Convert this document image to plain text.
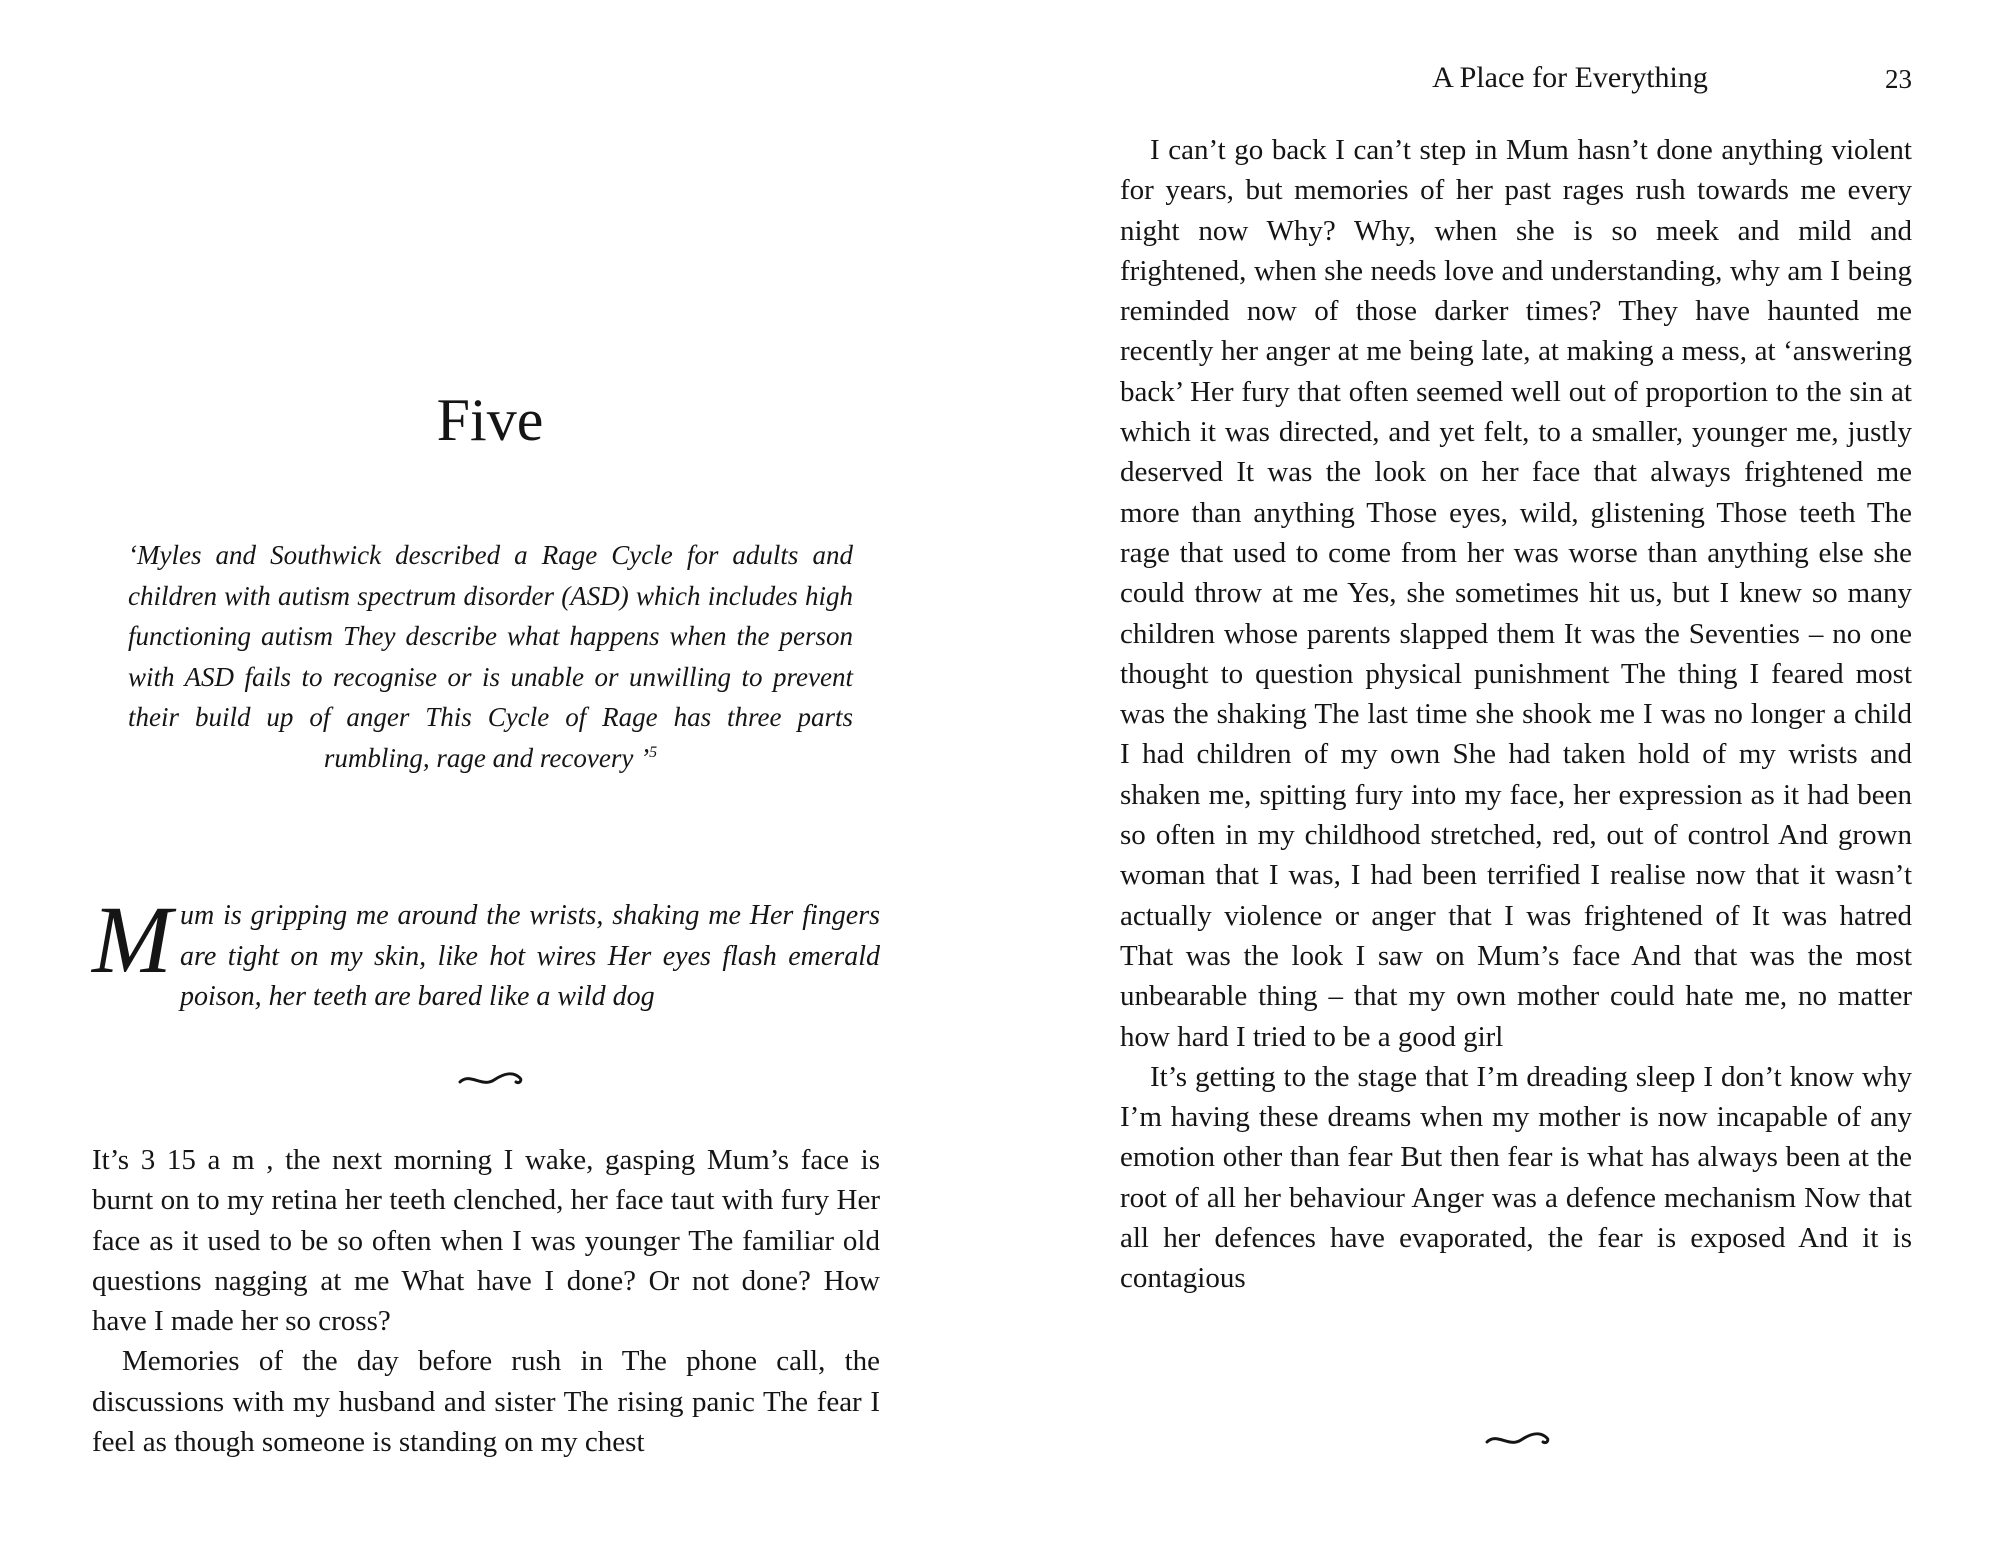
Five
‘Myles and Southwick described a Rage Cycle for adults and children with autism spectrum disorder (ASD) which includes high functioning autism They describe what happens when the person with ASD fails to recognise or is unable or unwilling to prevent their build up of anger This Cycle of Rage has three parts rumbling, rage and recovery ’$^5$
Mum is gripping me around the wrists, shaking me Her fingers are tight on my skin, like hot wires Her eyes flash emerald poison, her teeth are bared like a wild dog

It’s 3 15 a m , the next morning I wake, gasping Mum’s face is burnt on to my retina her teeth clenched, her face taut with fury Her face as it used to be so often when I was younger The familiar old questions nagging at me What have I done? Or not done? How have I made her so cross?

Memories of the day before rush in The phone call, the discussions with my husband and sister The rising panic The fear I feel as though someone is standing on my chest

A Place for Everything	23

I can’t go back I can’t step in Mum hasn’t done anything violent for years, but memories of her past rages rush towards me every night now Why? Why, when she is so meek and mild and frightened, when she needs love and understanding, why am I being reminded now of those darker times? They have haunted me recently her anger at me being late, at making a mess, at ‘answering back’ Her fury that often seemed well out of proportion to the sin at which it was directed, and yet felt, to a smaller, younger me, justly deserved It was the look on her face that always frightened me more than anything Those eyes, wild, glistening Those teeth The rage that used to come from her was worse than anything else she could throw at me Yes, she sometimes hit us, but I knew so many children whose parents slapped them It was the Seventies – no one thought to question physical punishment The thing I feared most was the shaking The last time she shook me I was no longer a child I had children of my own She had taken hold of my wrists and shaken me, spitting fury into my face, her expression as it had been so often in my childhood stretched, red, out of control And grown woman that I was, I had been terrified I realise now that it wasn’t actually violence or anger that I was frightened of It was hatred That was the look I saw on Mum’s face And that was the most unbearable thing – that my own mother could hate me, no matter how hard I tried to be a good girl

It’s getting to the stage that I’m dreading sleep I don’t know why I’m having these dreams when my mother is now incapable of any emotion other than fear But then fear is what has always been at the root of all her behaviour Anger was a defence mechanism Now that all her defences have evaporated, the fear is exposed And it is contagious
